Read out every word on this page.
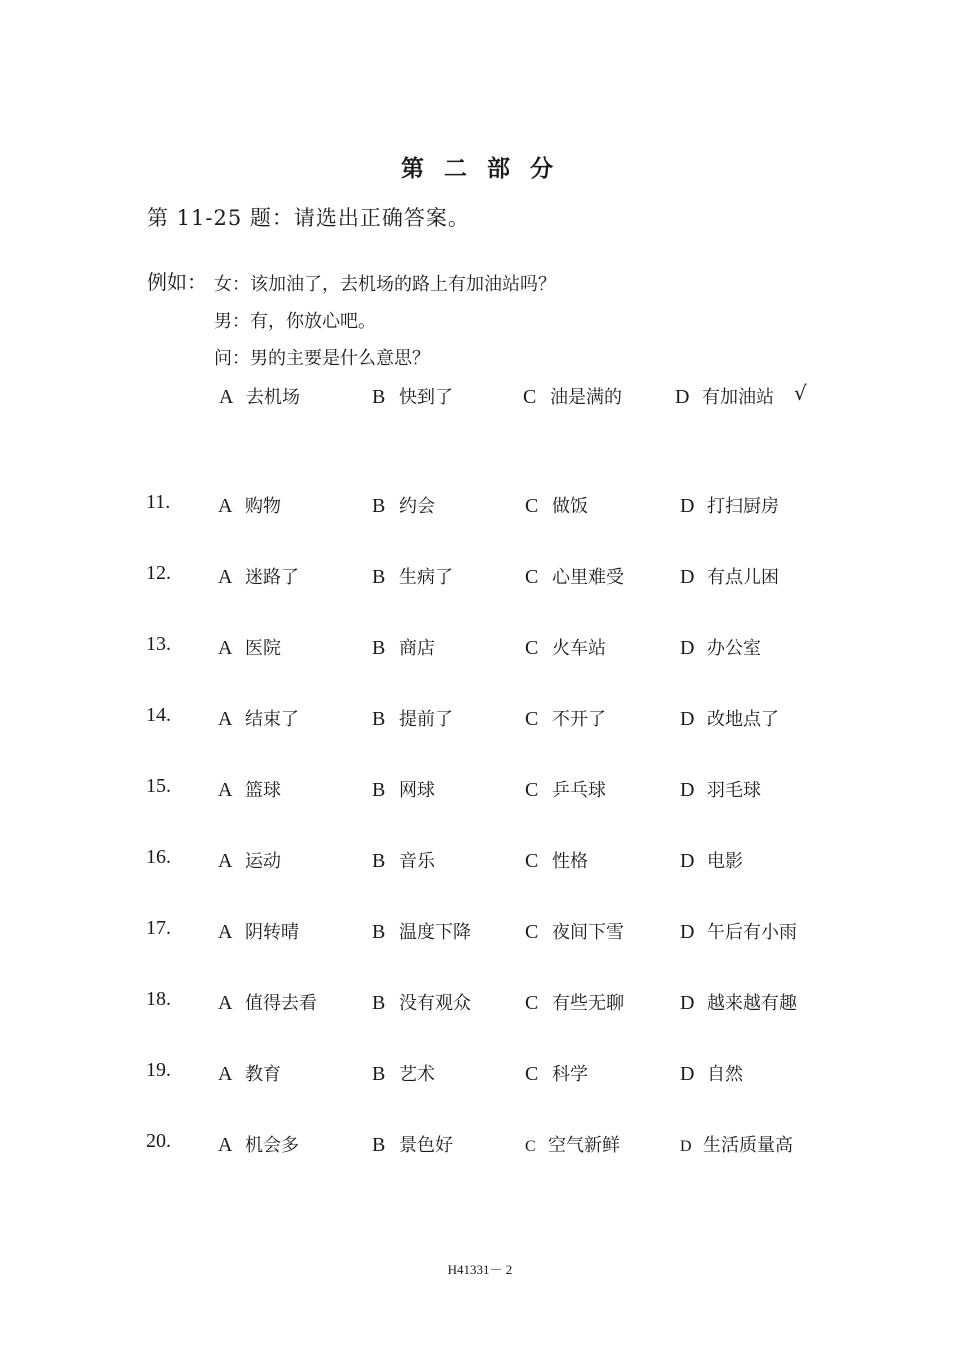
第 二 部 分
第 11-25 题：请选出正确答案。
例如： 女：该加油了，去机场的路上有加油站吗？
男：有，你放心吧。
问：男的主要是什么意思？
A 去机场	B 快到了	C 油是满的	D 有加油站 √
11. A 购物	B 约会	C 做饭	D 打扫厨房
12. A 迷路了	B 生病了	C 心里难受	D 有点儿困
13. A 医院	B 商店	C 火车站	D 办公室
14. A 结束了	B 提前了	C 不开了	D 改地点了
15. A 篮球	B 网球	C 乒乓球	D 羽毛球
16. A 运动	B 音乐	C 性格	D 电影
17. A 阴转晴	B 温度下降	C 夜间下雪	D 午后有小雨
18. A 值得去看	B 没有观众	C 有些无聊	D 越来越有趣
19. A 教育	B 艺术	C 科学	D 自然
20. A 机会多	B 景色好	C 空气新鲜	D 生活质量高
H41331－ 2
